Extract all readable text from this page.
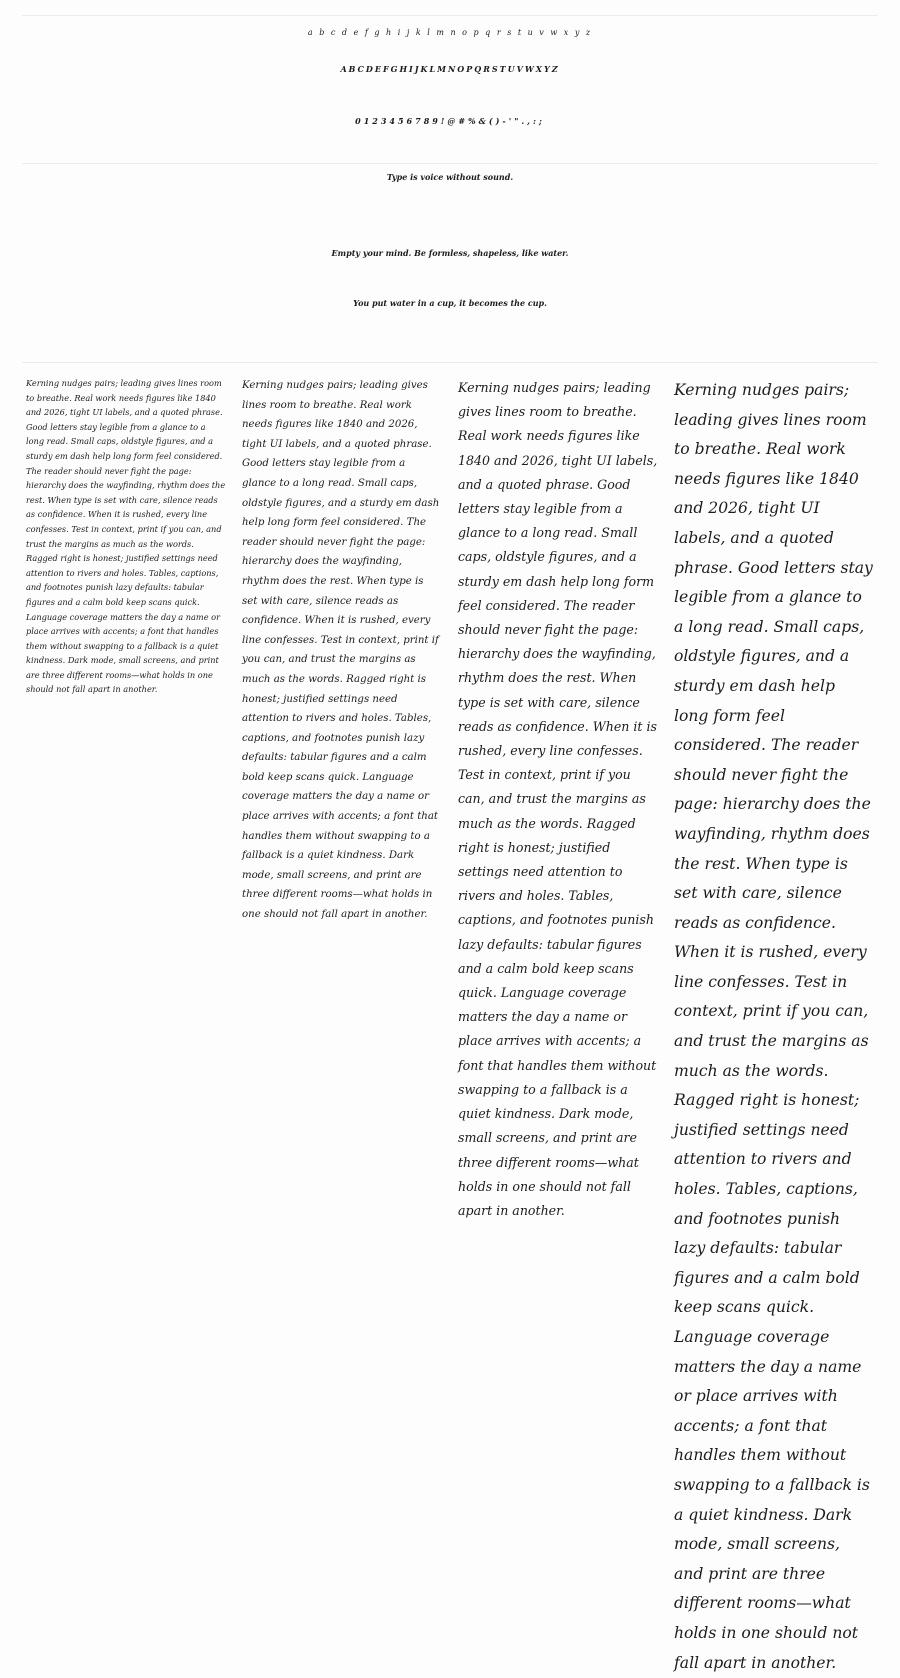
a b c d e f g h i j k l m n o p q r s t u v w x y z
ABCDEFGHIJKLMNOPQRSTUVWXYZ
0123456789!@#%&()-'".,:;
Type is voice without sound.
Empty your mind. Be formless, shapeless, like water.
You put water in a cup, it becomes the cup.
Kerning nudges pairs; leading gives lines room to breathe. Real work needs figures like 1840 and 2026, tight UI labels, and a quoted phrase. Good letters stay legible from a glance to a long read. Small caps, oldstyle figures, and a sturdy em dash help long form feel considered. The reader should never fight the page: hierarchy does the wayfinding, rhythm does the rest. When type is set with care, silence reads as confidence. When it is rushed, every line confesses. Test in context, print if you can, and trust the margins as much as the words. Ragged right is honest; justified settings need attention to rivers and holes. Tables, captions, and footnotes punish lazy defaults: tabular figures and a calm bold keep scans quick. Language coverage matters the day a name or place arrives with accents; a font that handles them without swapping to a fallback is a quiet kindness. Dark mode, small screens, and print are three different rooms—what holds in one should not fall apart in another.
Kerning nudges pairs; leading gives lines room to breathe. Real work needs figures like 1840 and 2026, tight UI labels, and a quoted phrase. Good letters stay legible from a glance to a long read. Small caps, oldstyle figures, and a sturdy em dash help long form feel considered. The reader should never fight the page: hierarchy does the wayfinding, rhythm does the rest. When type is set with care, silence reads as confidence. When it is rushed, every line confesses. Test in context, print if you can, and trust the margins as much as the words. Ragged right is honest; justified settings need attention to rivers and holes. Tables, captions, and footnotes punish lazy defaults: tabular figures and a calm bold keep scans quick. Language coverage matters the day a name or place arrives with accents; a font that handles them without swapping to a fallback is a quiet kindness. Dark mode, small screens, and print are three different rooms—what holds in one should not fall apart in another.
Kerning nudges pairs; leading gives lines room to breathe. Real work needs figures like 1840 and 2026, tight UI labels, and a quoted phrase. Good letters stay legible from a glance to a long read. Small caps, oldstyle figures, and a sturdy em dash help long form feel considered. The reader should never fight the page: hierarchy does the wayfinding, rhythm does the rest. When type is set with care, silence reads as confidence. When it is rushed, every line confesses. Test in context, print if you can, and trust the margins as much as the words. Ragged right is honest; justified settings need attention to rivers and holes. Tables, captions, and footnotes punish lazy defaults: tabular figures and a calm bold keep scans quick. Language coverage matters the day a name or place arrives with accents; a font that handles them without swapping to a fallback is a quiet kindness. Dark mode, small screens, and print are three different rooms—what holds in one should not fall apart in another.
Kerning nudges pairs; leading gives lines room to breathe. Real work needs figures like 1840 and 2026, tight UI labels, and a quoted phrase. Good letters stay legible from a glance to a long read. Small caps, oldstyle figures, and a sturdy em dash help long form feel considered. The reader should never fight the page: hierarchy does the wayfinding, rhythm does the rest. When type is set with care, silence reads as confidence. When it is rushed, every line confesses. Test in context, print if you can, and trust the margins as much as the words. Ragged right is honest; justified settings need attention to rivers and holes. Tables, captions, and footnotes punish lazy defaults: tabular figures and a calm bold keep scans quick. Language coverage matters the day a name or place arrives with accents; a font that handles them without swapping to a fallback is a quiet kindness. Dark mode, small screens, and print are three different rooms—what holds in one should not fall apart in another.
